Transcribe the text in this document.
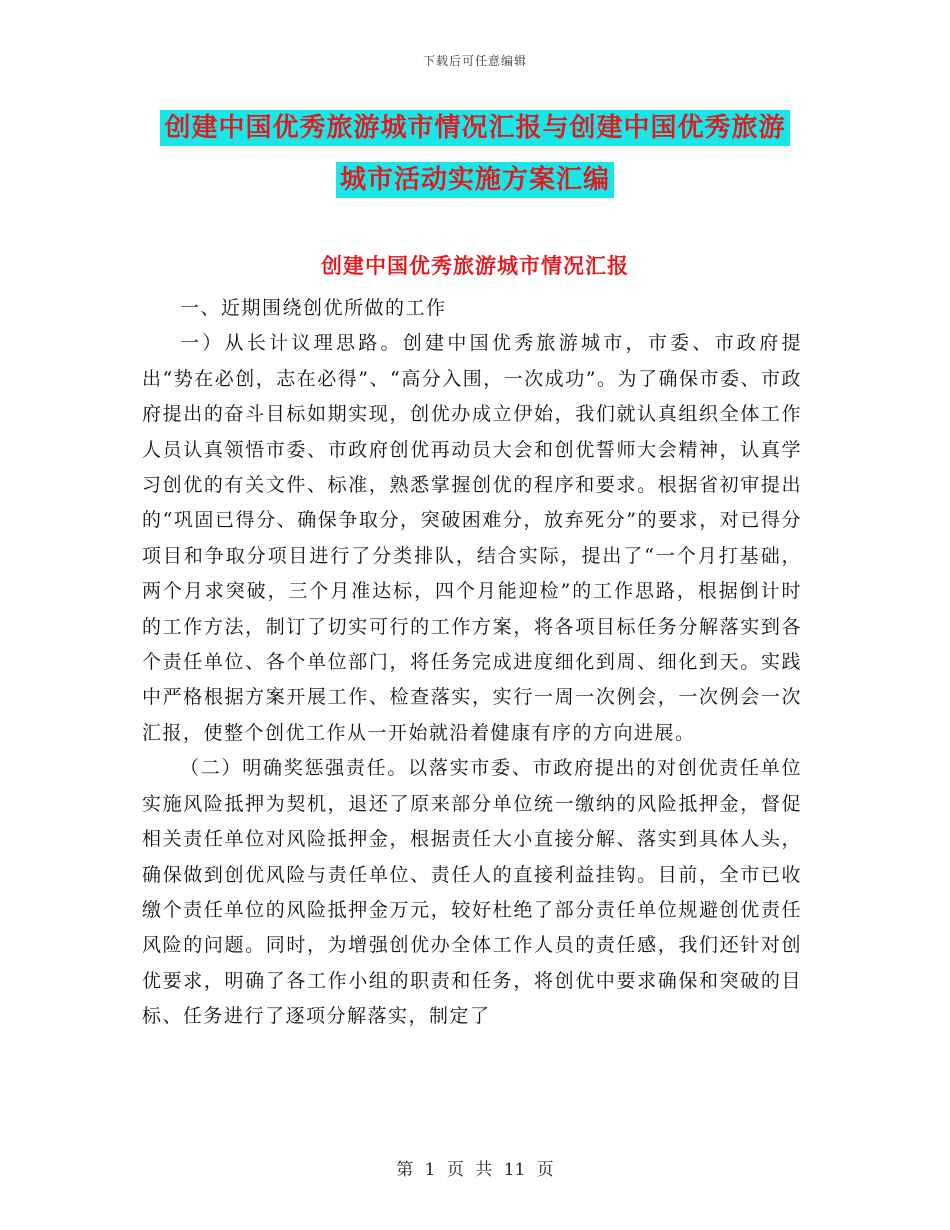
下载后可任意编辑
创建中国优秀旅游城市情况汇报与创建中国优秀旅游
城市活动实施方案汇编
创建中国优秀旅游城市情况汇报

一、近期围绕创优所做的工作

一）从长计议理思路。创建中国优秀旅游城市，市委、市政府提出“势在必创，志在必得”、“高分入围，一次成功”。为了确保市委、市政府提出的奋斗目标如期实现，创优办成立伊始，我们就认真组织全体工作人员认真领悟市委、市政府创优再动员大会和创优誓师大会精神，认真学习创优的有关文件、标准，熟悉掌握创优的程序和要求。根据省初审提出的“巩固已得分、确保争取分，突破困难分，放弃死分”的要求，对已得分项目和争取分项目进行了分类排队，结合实际，提出了“一个月打基础，两个月求突破，三个月准达标，四个月能迎检”的工作思路，根据倒计时的工作方法，制订了切实可行的工作方案，将各项目标任务分解落实到各个责任单位、各个单位部门，将任务完成进度细化到周、细化到天。实践中严格根据方案开展工作、检查落实，实行一周一次例会，一次例会一次汇报，使整个创优工作从一开始就沿着健康有序的方向进展。

（二）明确奖惩强责任。以落实市委、市政府提出的对创优责任单位实施风险抵押为契机，退还了原来部分单位统一缴纳的风险抵押金，督促相关责任单位对风险抵押金，根据责任大小直接分解、落实到具体人头，确保做到创优风险与责任单位、责任人的直接利益挂钩。目前，全市已收缴个责任单位的风险抵押金万元，较好杜绝了部分责任单位规避创优责任风险的问题。同时，为增强创优办全体工作人员的责任感，我们还针对创优要求，明确了各工作小组的职责和任务，将创优中要求确保和突破的目标、任务进行了逐项分解落实，制定了

第 1 页 共 11 页
